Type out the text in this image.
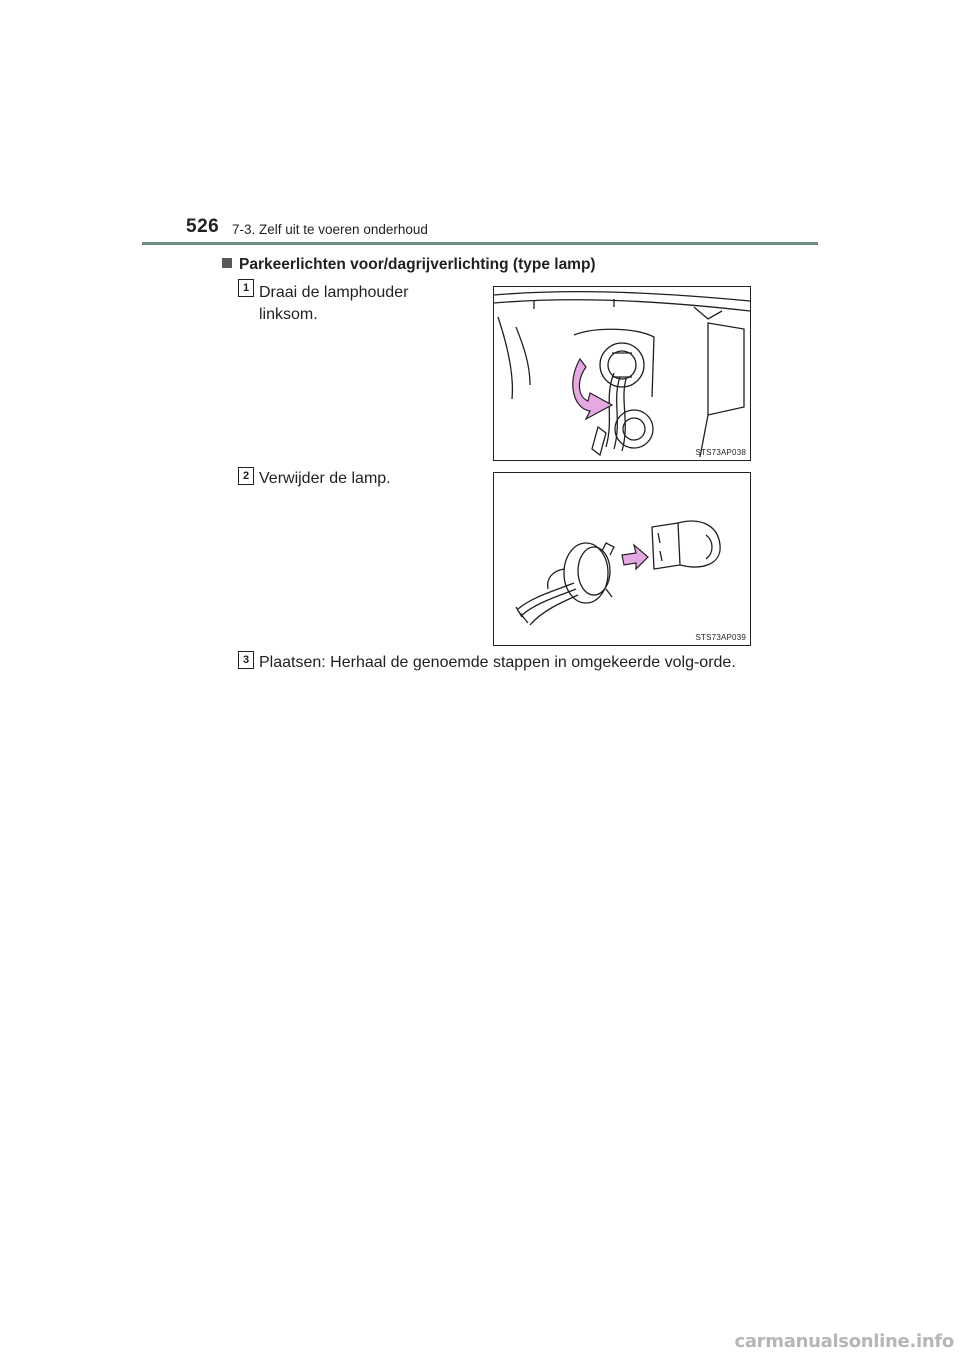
526 7-3. Zelf uit te voeren onderhoud
Parkeerlichten voor/dagrijverlichting (type lamp)
1 Draai de lamphouder linksom.
STS73AP038
2 Verwijder de lamp.
STS73AP039
3 Plaatsen: Herhaal de genoemde stappen in omgekeerde volg-orde.
carmanualsonline.info
